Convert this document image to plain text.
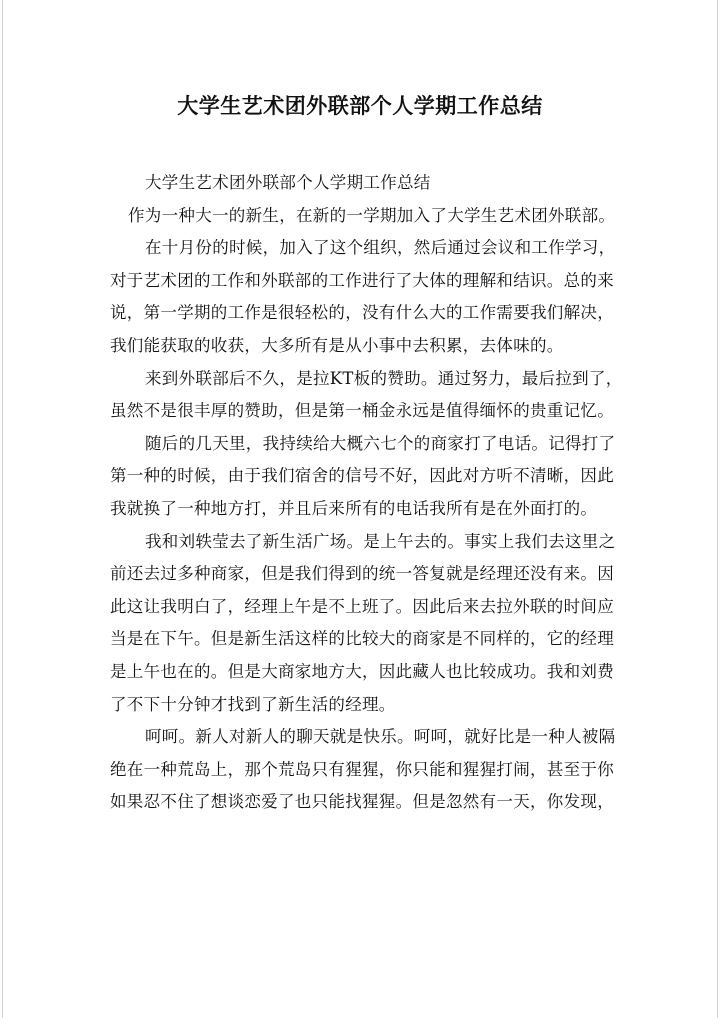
大学生艺术团外联部个人学期工作总结

大学生艺术团外联部个人学期工作总结

作为一种大一的新生，在新的一学期加入了大学生艺术团外联部。

在十月份的时候，加入了这个组织，然后通过会议和工作学习，

对于艺术团的工作和外联部的工作进行了大体的理解和结识。总的来

说，第一学期的工作是很轻松的，没有什么大的工作需要我们解决，

我们能获取的收获，大多所有是从小事中去积累，去体味的。

来到外联部后不久，是拉KT板的赞助。通过努力，最后拉到了，

虽然不是很丰厚的赞助，但是第一桶金永远是值得缅怀的贵重记忆。

随后的几天里，我持续给大概六七个的商家打了电话。记得打了

第一种的时候，由于我们宿舍的信号不好，因此对方听不清晰，因此

我就换了一种地方打，并且后来所有的电话我所有是在外面打的。

我和刘轶莹去了新生活广场。是上午去的。事实上我们去这里之

前还去过多种商家，但是我们得到的统一答复就是经理还没有来。因

此这让我明白了，经理上午是不上班了。因此后来去拉外联的时间应

当是在下午。但是新生活这样的比较大的商家是不同样的，它的经理

是上午也在的。但是大商家地方大，因此藏人也比较成功。我和刘费

了不下十分钟才找到了新生活的经理。

呵呵。新人对新人的聊天就是快乐。呵呵，就好比是一种人被隔

绝在一种荒岛上，那个荒岛只有猩猩，你只能和猩猩打闹，甚至于你

如果忍不住了想谈恋爱了也只能找猩猩。但是忽然有一天，你发现，
